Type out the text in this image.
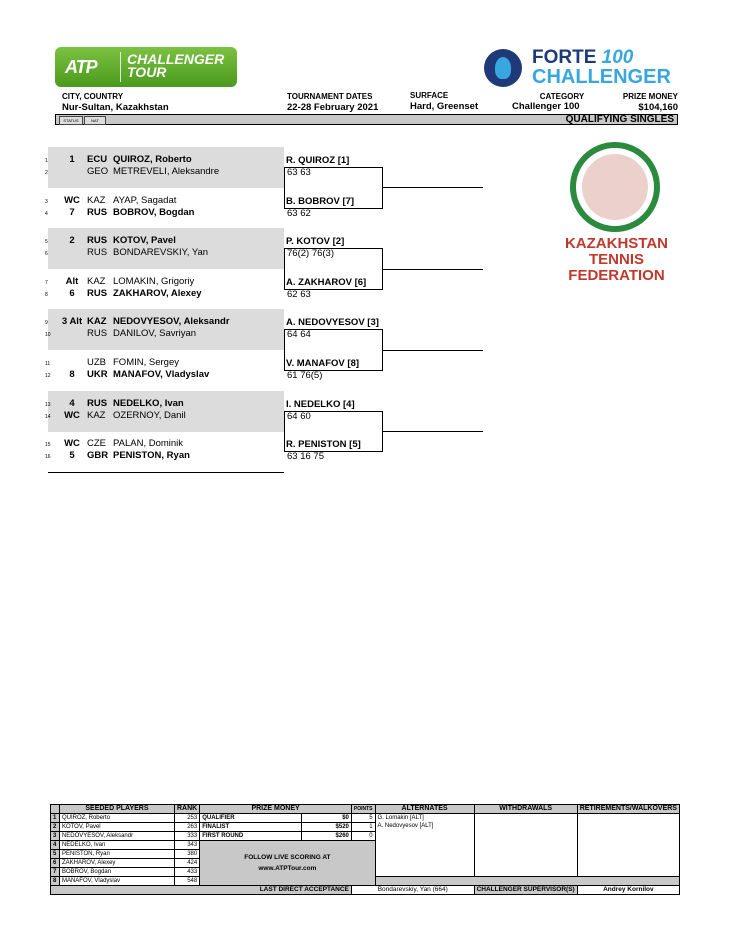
ATP CHALLENGER TOUR
FORTE 100
CHALLENGER
CITY, COUNTRY
Nur-Sultan, Kazakhstan
TOURNAMENT DATES
22-28 February 2021
SURFACE
Hard, Greenset
CATEGORY
Challenger 100
PRIZE MONEY
$104,160
STATUS	NAT	QUALIFYING SINGLES
1	1	ECU QUIROZ, Roberto
2	GEO METREVELI, Aleksandre
R. QUIROZ [1]
63 63
3	WC KAZ AYAP, Sagadat
4	7	RUS BOBROV, Bogdan
B. BOBROV [7]
63 62
5	2	RUS KOTOV, Pavel
6	RUS BONDAREVSKIY, Yan
P. KOTOV [2]
76(2) 76(3)
7	Alt KAZ LOMAKIN, Grigoriy
8	6	RUS ZAKHAROV, Alexey
A. ZAKHAROV [6]
62 63
9	3 Alt KAZ NEDOVYESOV, Aleksandr
10	RUS DANILOV, Savriyan
A. NEDOVYESOV [3]
64 64
11	UZB FOMIN, Sergey
12	8	UKR MANAFOV, Vladyslav
V. MANAFOV [8]
61 76(5)
13	4	RUS NEDELKO, Ivan
14	WC KAZ OZERNOY, Danil
I. NEDELKO [4]
64 60
15	WC CZE PALAN, Dominik
16	5	GBR PENISTON, Ryan
R. PENISTON [5]
63 16 75
KAZAKHSTAN
TENNIS
FEDERATION
	SEEDED PLAYERS	RANK	PRIZE MONEY		POINTS	ALTERNATES	WITHDRAWALS	RETIREMENTS/WALKOVERS
1	QUIROZ, Roberto	253	QUALIFIER	$0	5	G. Lomakin [ALT]
A. Nedovyesov [ALT]		

2	KOTOV, Pavel	263	FINALIST	$520	1			
3	NEDOVYESOV, Aleksandr	333	FIRST ROUND	$260	0			
4	NEDELKO, Ivan	343	FOLLOW LIVE SCORING AT
www.ATPTour.com					

5	PENISTON, Ryan	380						
6	ZAKHAROV, Alexey	424						
7	BOBROV, Bogdan	433						
8	MANAFOV, Vladyslav	548						
LAST DIRECT ACCEPTANCE					Bondarevskiy, Yan (664)		CHALLENGER SUPERVISOR(S)	Andrey Kornilov
